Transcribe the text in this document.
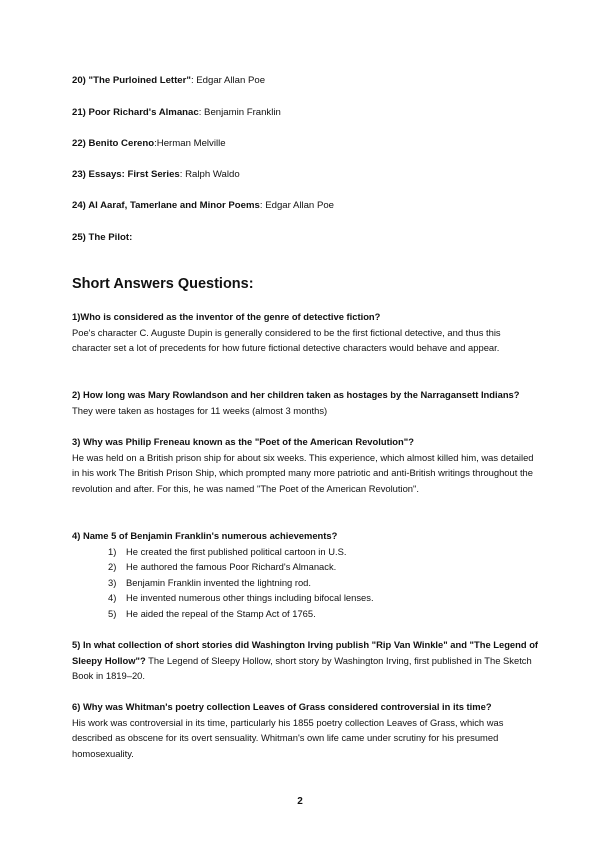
20) "The Purloined Letter": Edgar Allan Poe
21) Poor Richard's Almanac: Benjamin Franklin
22) Benito Cereno:Herman Melville
23) Essays: First Series: Ralph Waldo
24) Al Aaraf, Tamerlane and Minor Poems: Edgar Allan Poe
25) The Pilot:
Short Answers Questions:
1)Who is considered as the inventor of the genre of detective fiction?
Poe's character C. Auguste Dupin is generally considered to be the first fictional detective, and thus this character set a lot of precedents for how future fictional detective characters would behave and appear.
2) How long was Mary Rowlandson and her children taken as hostages by the Narragansett Indians? They were taken as hostages for 11 weeks (almost 3 months)
3) Why was Philip Freneau known as the "Poet of the American Revolution"?
He was held on a British prison ship for about six weeks. This experience, which almost killed him, was detailed in his work The British Prison Ship, which prompted many more patriotic and anti-British writings throughout the revolution and after. For this, he was named "The Poet of the American Revolution".
4) Name 5 of Benjamin Franklin's numerous achievements?
1) He created the first published political cartoon in U.S.
2) He authored the famous Poor Richard's Almanack.
3) Benjamin Franklin invented the lightning rod.
4) He invented numerous other things including bifocal lenses.
5) He aided the repeal of the Stamp Act of 1765.
5) In what collection of short stories did Washington Irving publish "Rip Van Winkle" and "The Legend of Sleepy Hollow"? The Legend of Sleepy Hollow, short story by Washington Irving, first published in The Sketch Book in 1819–20.
6) Why was Whitman's poetry collection Leaves of Grass considered controversial in its time?
His work was controversial in its time, particularly his 1855 poetry collection Leaves of Grass, which was described as obscene for its overt sensuality. Whitman's own life came under scrutiny for his presumed homosexuality.
2
